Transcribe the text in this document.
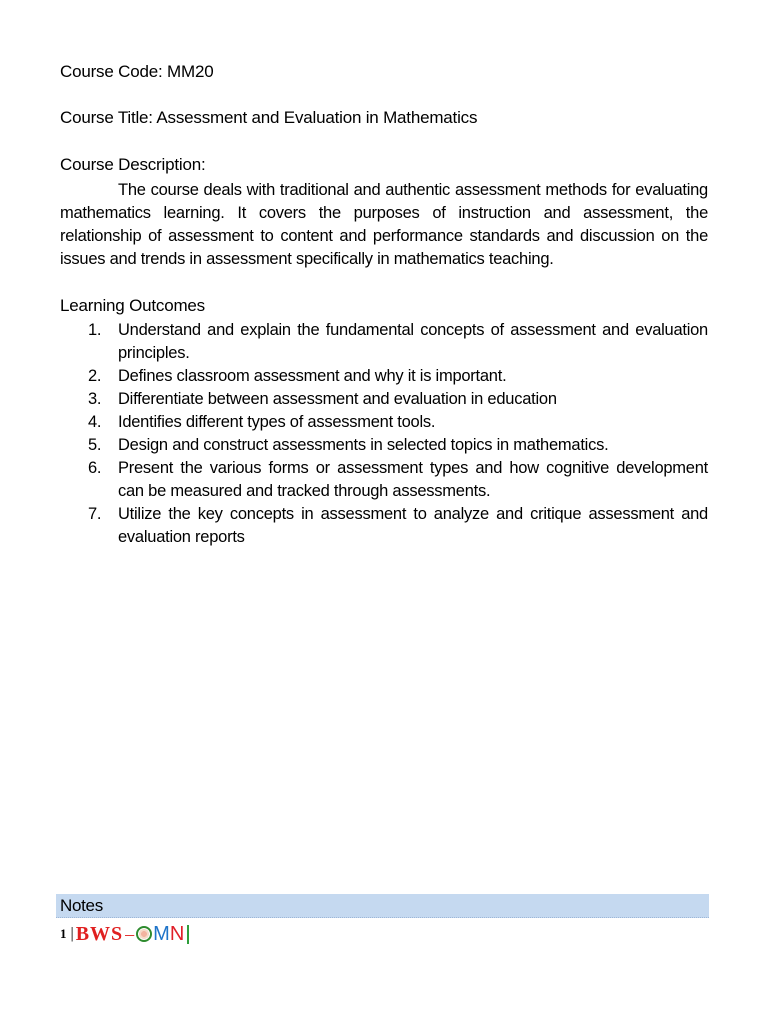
Course Code: MM20
Course Title: Assessment and Evaluation in Mathematics
Course Description:

The course deals with traditional and authentic assessment methods for evaluating mathematics learning. It covers the purposes of instruction and assessment, the relationship of assessment to content and performance standards and discussion on the issues and trends in assessment specifically in mathematics teaching.

Learning Outcomes
1. Understand and explain the fundamental concepts of assessment and evaluation principles.
2. Defines classroom assessment and why it is important.
3. Differentiate between assessment and evaluation in education
4. Identifies different types of assessment tools.
5. Design and construct assessments in selected topics in mathematics.
6. Present the various forms or assessment types and how cognitive development can be measured and tracked through assessments.
7. Utilize the key concepts in assessment to analyze and critique assessment and evaluation reports
Notes
1 | BWS – M N
